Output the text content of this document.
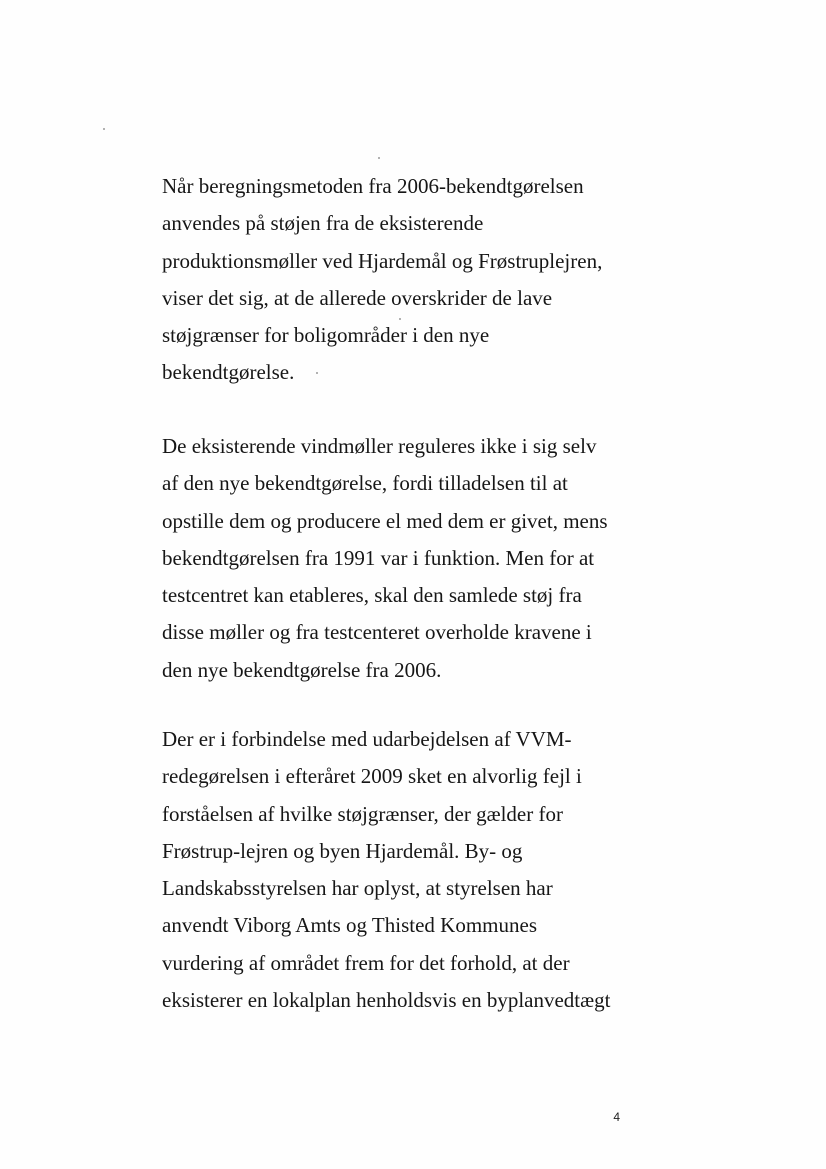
Når beregningsmetoden fra 2006-bekendtgørelsen
anvendes på støjen fra de eksisterende
produktionsmøller ved Hjardemål og Frøstruplejren,
viser det sig, at de allerede overskrider de lave
støjgrænser for boligområder i den nye
bekendtgørelse.
De eksisterende vindmøller reguleres ikke i sig selv
af den nye bekendtgørelse, fordi tilladelsen til at
opstille dem og producere el med dem er givet, mens
bekendtgørelsen fra 1991 var i funktion. Men for at
testcentret kan etableres, skal den samlede støj fra
disse møller og fra testcenteret overholde kravene i
den nye bekendtgørelse fra 2006.
Der er i forbindelse med udarbejdelsen af VVM-
redegørelsen i efteråret 2009 sket en alvorlig fejl i
forståelsen af hvilke støjgrænser, der gælder for
Frøstrup-lejren og byen Hjardemål. By- og
Landskabsstyrelsen har oplyst, at styrelsen har
anvendt Viborg Amts og Thisted Kommunes
vurdering af området frem for det forhold, at der
eksisterer en lokalplan henholdsvis en byplanvedtægt
4
